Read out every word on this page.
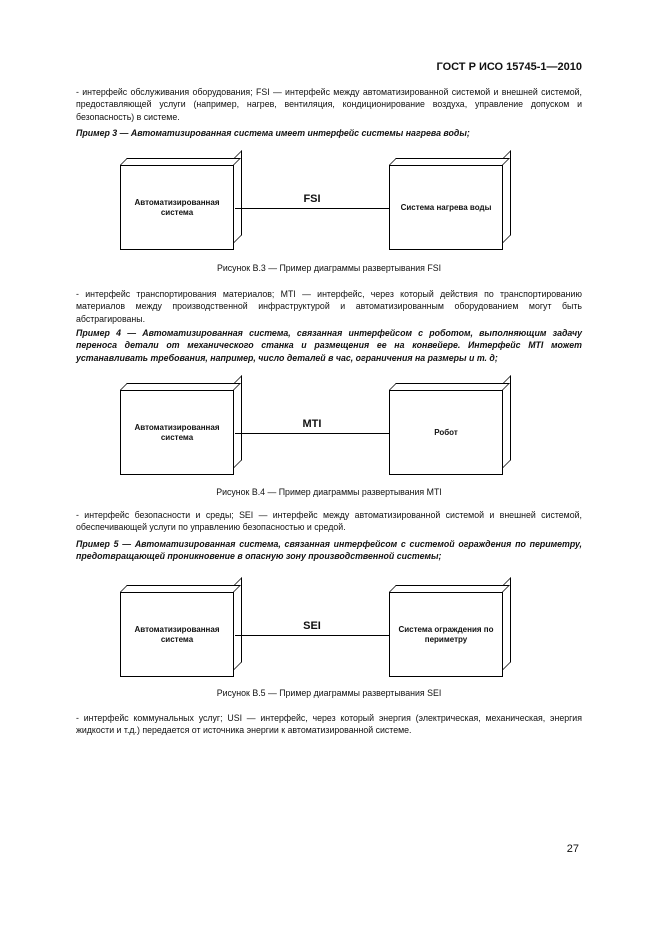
ГОСТ Р ИСО 15745-1—2010

- интерфейс обслуживания оборудования; FSI — интерфейс между автоматизированной системой и внешней системой, предоставляющей услуги (например, нагрев, вентиляция, кондиционирование воздуха, управление допуском и безопасность) в системе.

Пример 3 — Автоматизированная система имеет интерфейс системы нагрева воды;

Автоматизированная система
FSI
Система нагрева воды
Рисунок B.3 — Пример диаграммы развертывания FSI

- интерфейс транспортирования материалов; MTI — интерфейс, через который действия по транспортированию материалов между производственной инфраструктурой и автоматизированным оборудованием могут быть абстрагированы.

Пример 4 — Автоматизированная система, связанная интерфейсом с роботом, выполняющим задачу переноса детали от механического станка и размещения ее на конвейере. Интерфейс MTI может устанавливать требования, например, число деталей в час, ограничения на размеры и т. д;

Автоматизированная система
MTI
Робот
Рисунок B.4 — Пример диаграммы развертывания MTI

- интерфейс безопасности и среды; SEI — интерфейс между автоматизированной системой и внешней системой, обеспечивающей услуги по управлению безопасностью и средой.

Пример 5 — Автоматизированная система, связанная интерфейсом с системой ограждения по периметру, предотвращающей проникновение в опасную зону производственной системы;

Автоматизированная система
SEI	Система ограждения по периметру
Рисунок B.5 — Пример диаграммы развертывания SEI

- интерфейс коммунальных услуг; USI — интерфейс, через который энергия (электрическая, механическая, энергия жидкости и т.д.) передается от источника энергии к автоматизированной системе.

27
